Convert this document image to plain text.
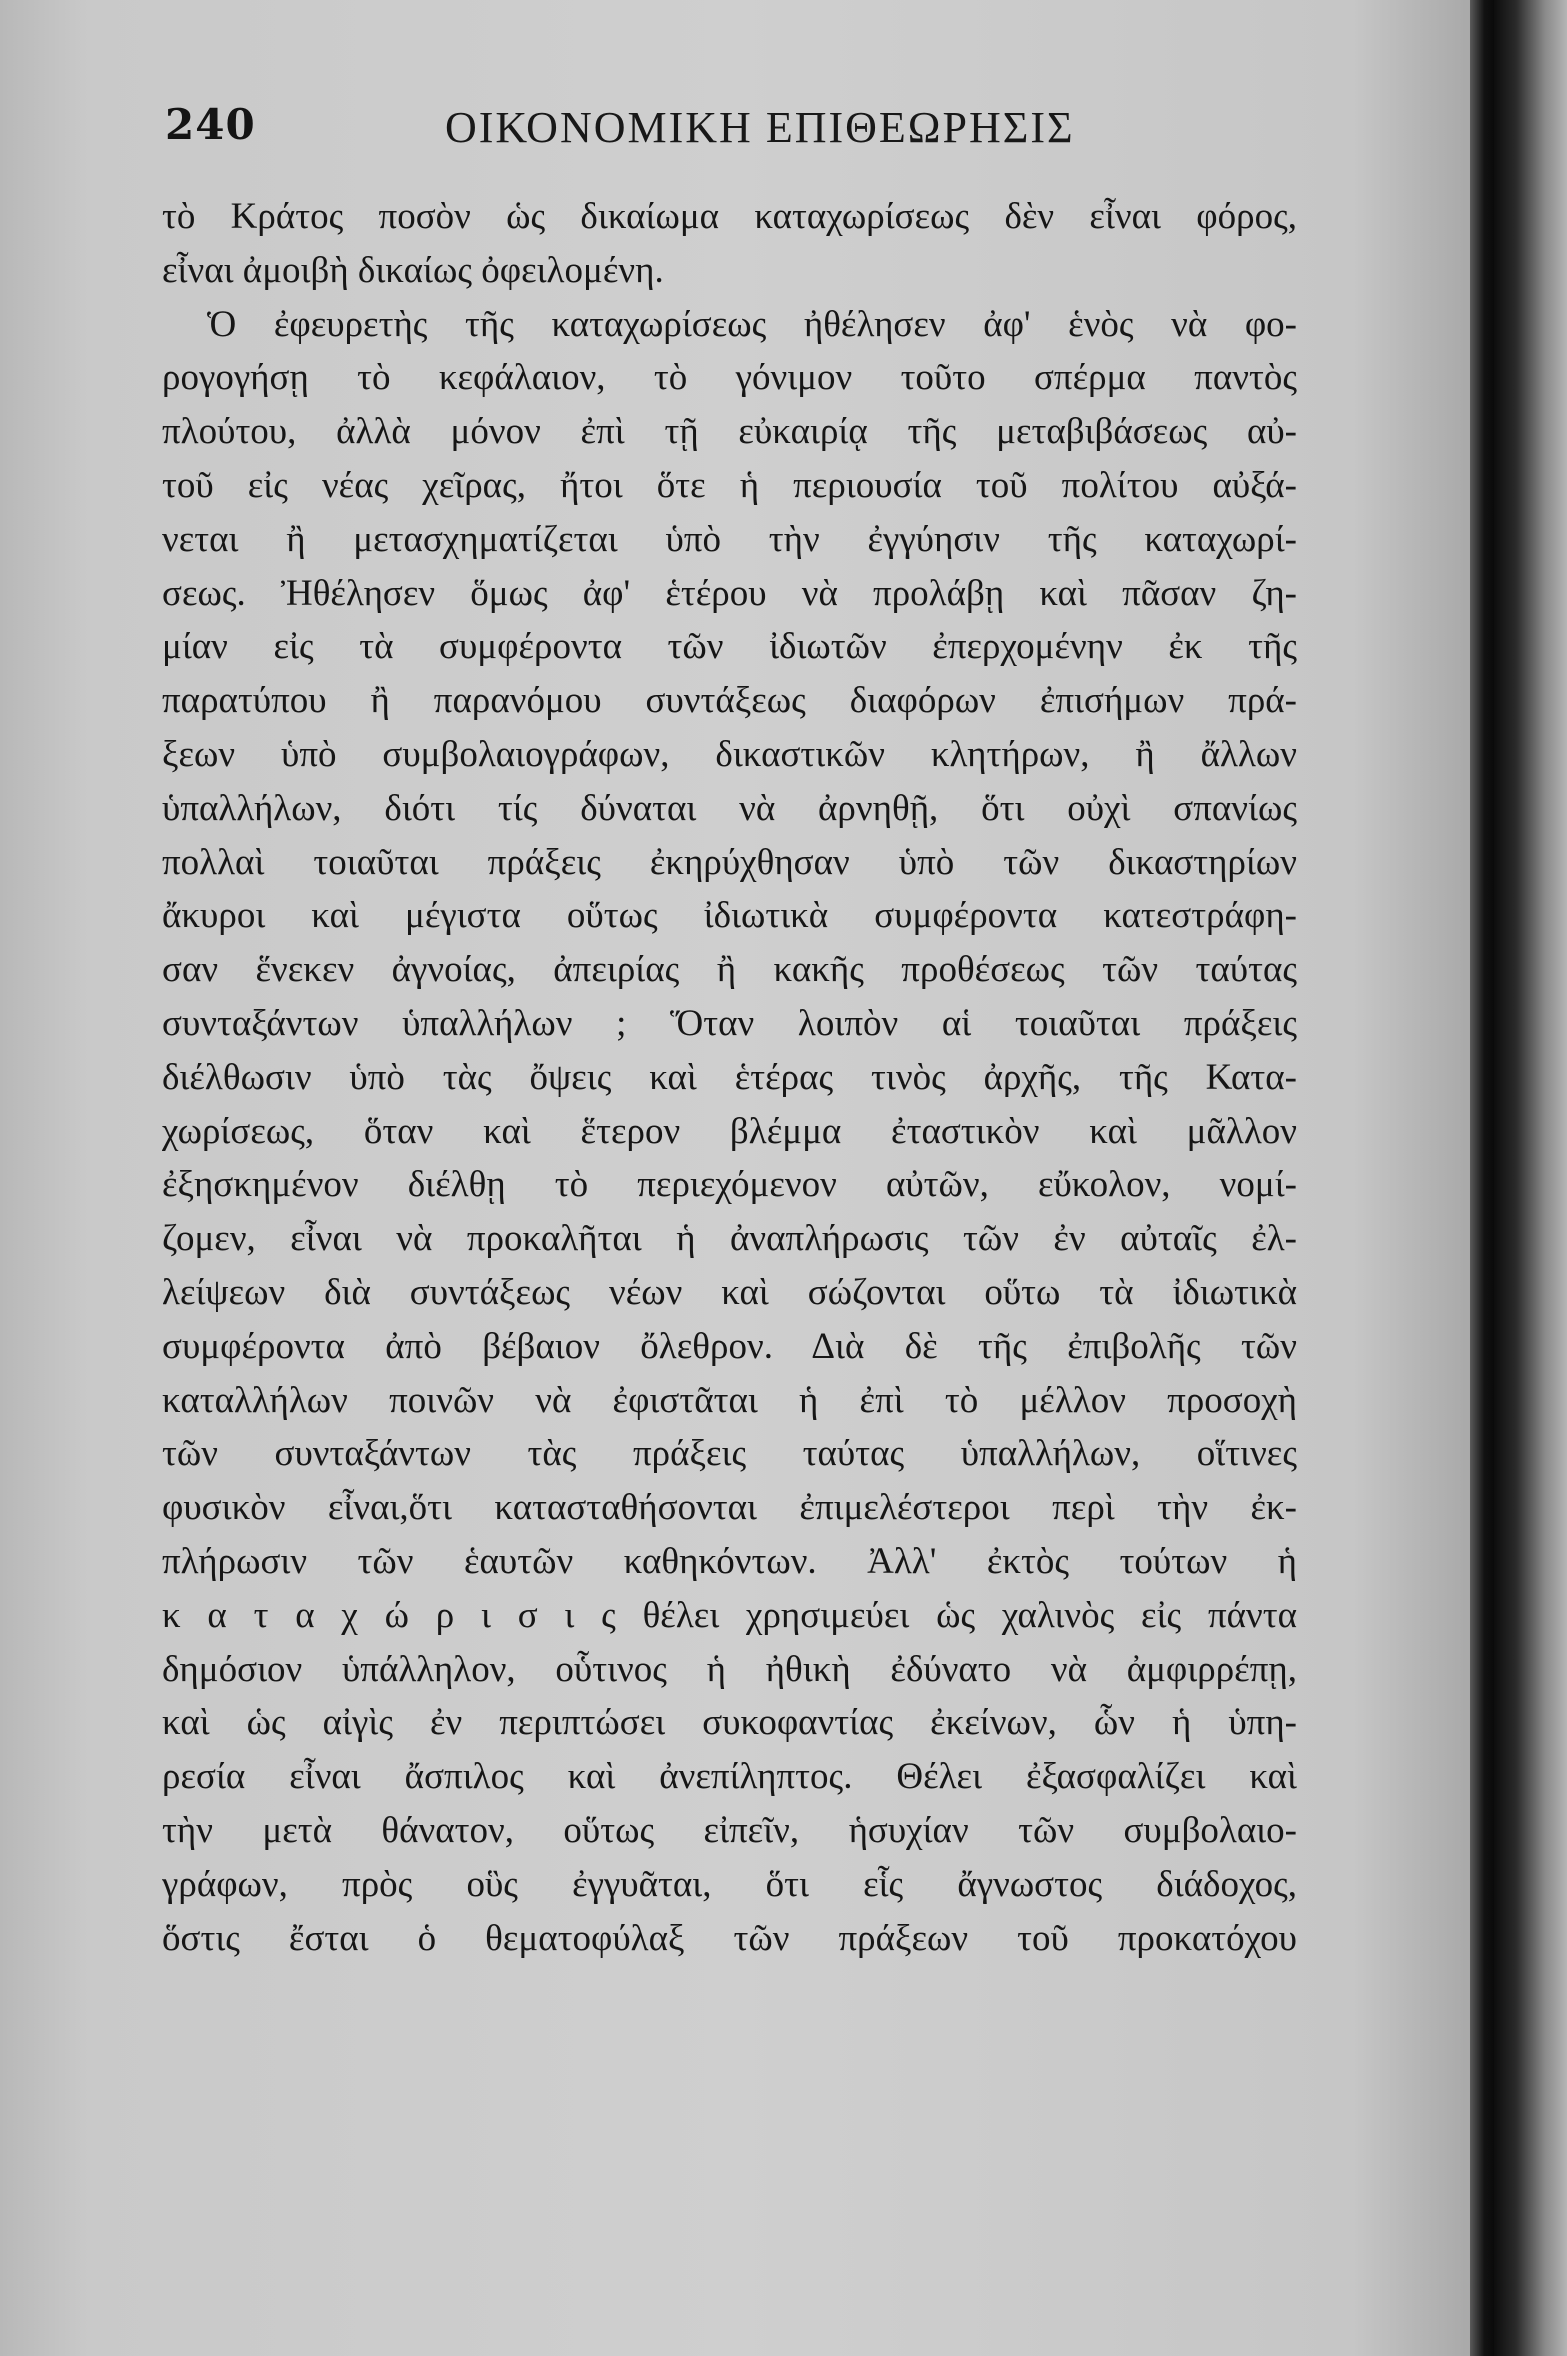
240	ΟΙΚΟΝΟΜΙΚΗ ΕΠΙΘΕΩΡΗΣΙΣ
τὸ Κράτος ποσὸν ὡς δικαίωμα καταχωρίσεως δὲν εἶναι φόρος,
εἶναι ἀμοιβὴ δικαίως ὀφειλομένη.
Ὁ ἐφευρετὴς τῆς καταχωρίσεως ἠθέλησεν ἀφ' ἑνὸς νὰ φο-
ρογογήσῃ τὸ κεφάλαιον, τὸ γόνιμον τοῦτο σπέρμα παντὸς
πλούτου, ἀλλὰ μόνον ἐπὶ τῇ εὐκαιρίᾳ τῆς μεταβιβάσεως αὐ-
τοῦ εἰς νέας χεῖρας, ἤτοι ὅτε ἡ περιουσία τοῦ πολίτου αὐξά-
νεται ἢ μετασχηματίζεται ὑπὸ τὴν ἐγγύησιν τῆς καταχωρί-
σεως. Ἠθέλησεν ὅμως ἀφ' ἑτέρου νὰ προλάβῃ καὶ πᾶσαν ζη-
μίαν εἰς τὰ συμφέροντα τῶν ἰδιωτῶν ἐπερχομένην ἐκ τῆς
παρατύπου ἢ παρανόμου συντάξεως διαφόρων ἐπισήμων πρά-
ξεων ὑπὸ συμβολαιογράφων, δικαστικῶν κλητήρων, ἢ ἄλλων
ὑπαλλήλων, διότι τίς δύναται νὰ ἀρνηθῇ, ὅτι οὐχὶ σπανίως
πολλαὶ τοιαῦται πράξεις ἐκηρύχθησαν ὑπὸ τῶν δικαστηρίων
ἄκυροι καὶ μέγιστα οὕτως ἰδιωτικὰ συμφέροντα κατεστράφη-
σαν ἕνεκεν ἀγνοίας, ἀπειρίας ἢ κακῆς προθέσεως τῶν ταύτας
συνταξάντων ὑπαλλήλων ; Ὅταν λοιπὸν αἱ τοιαῦται πράξεις
διέλθωσιν ὑπὸ τὰς ὄψεις καὶ ἑτέρας τινὸς ἀρχῆς, τῆς Κατα-
χωρίσεως, ὅταν καὶ ἕτερον βλέμμα ἐταστικὸν καὶ μᾶλλον
ἐξησκημένον διέλθῃ τὸ περιεχόμενον αὐτῶν, εὔκολον, νομί-
ζομεν, εἶναι νὰ προκαλῆται ἡ ἀναπλήρωσις τῶν ἐν αὐταῖς ἐλ-
λείψεων διὰ συντάξεως νέων καὶ σώζονται οὕτω τὰ ἰδιωτικὰ
συμφέροντα ἀπὸ βέβαιον ὄλεθρον. Διὰ δὲ τῆς ἐπιβολῆς τῶν
καταλλήλων ποινῶν νὰ ἐφιστᾶται ἡ ἐπὶ τὸ μέλλον προσοχὴ
τῶν συνταξάντων τὰς πράξεις ταύτας ὑπαλλήλων, οἵτινες
φυσικὸν εἶναι,ὅτι κατασταθήσονται ἐπιμελέστεροι περὶ τὴν ἐκ-
πλήρωσιν τῶν ἑαυτῶν καθηκόντων. Ἀλλ' ἐκτὸς τούτων ἡ
κ α τ α χ ώ ρ ι σ ι ς θέλει χρησιμεύει ὡς χαλινὸς εἰς πάντα
δημόσιον ὑπάλληλον, οὗτινος ἡ ἠθικὴ ἐδύνατο νὰ ἀμφιρρέπῃ,
καὶ ὡς αἰγὶς ἐν περιπτώσει συκοφαντίας ἐκείνων, ὧν ἡ ὑπη-
ρεσία εἶναι ἄσπιλος καὶ ἀνεπίληπτος. Θέλει ἐξασφαλίζει καὶ
τὴν μετὰ θάνατον, οὕτως εἰπεῖν, ἡσυχίαν τῶν συμβολαιο-
γράφων, πρὸς οὓς ἐγγυᾶται, ὅτι εἷς ἄγνωστος διάδοχος,
ὅστις ἔσται ὁ θεματοφύλαξ τῶν πράξεων τοῦ προκατόχου
